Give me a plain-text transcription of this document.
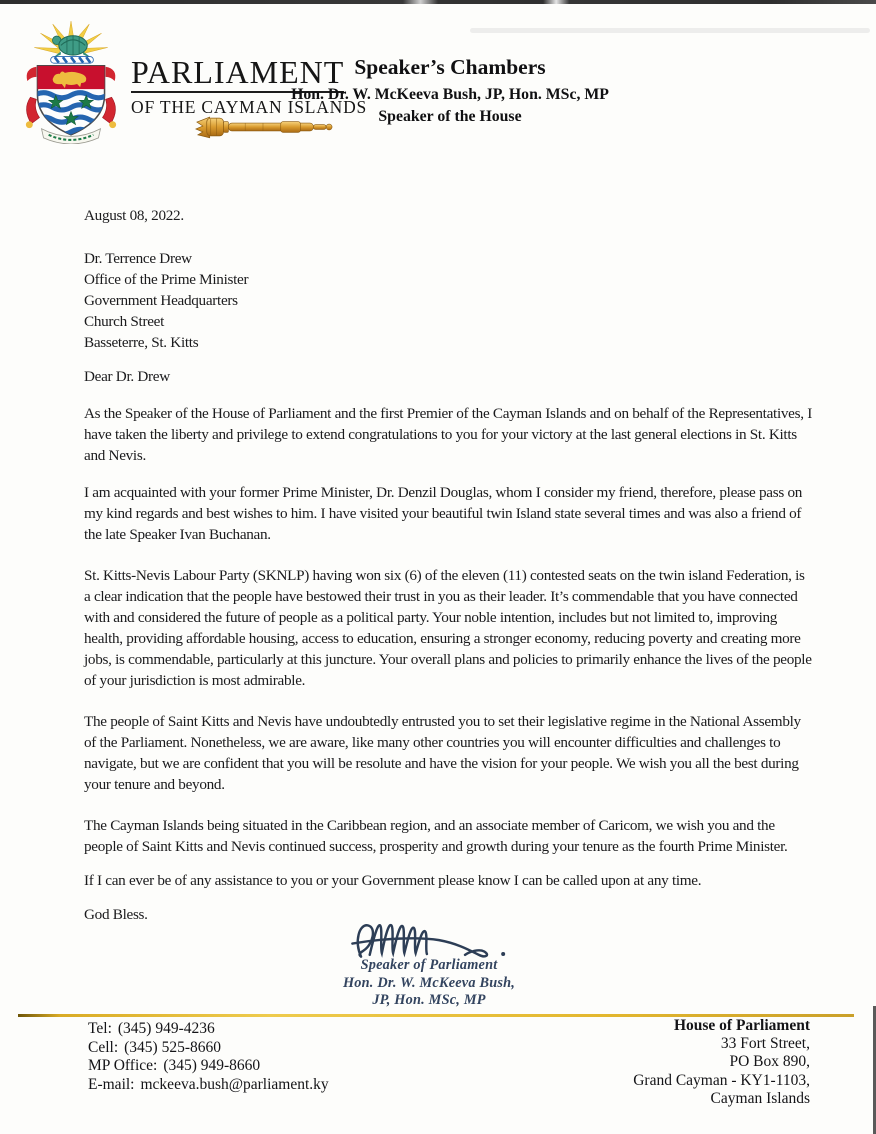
PARLIAMENT
OF THE CAYMAN ISLANDS
Speaker’s Chambers
Hon. Dr. W. McKeeva Bush, JP, Hon. MSc, MP
Speaker of the House
August 08, 2022.
Dr. Terrence Drew
Office of the Prime Minister
Government Headquarters
Church Street
Basseterre, St. Kitts
Dear Dr. Drew

As the Speaker of the House of Parliament and the first Premier of the Cayman Islands and on behalf of the Representatives, I have taken the liberty and privilege to extend congratulations to you for your victory at the last general elections in St. Kitts and Nevis.

I am acquainted with your former Prime Minister, Dr. Denzil Douglas, whom I consider my friend, therefore, please pass on my kind regards and best wishes to him. I have visited your beautiful twin Island state several times and was also a friend of the late Speaker Ivan Buchanan.

St. Kitts-Nevis Labour Party (SKNLP) having won six (6) of the eleven (11) contested seats on the twin island Federation, is a clear indication that the people have bestowed their trust in you as their leader. It’s commendable that you have connected with and considered the future of people as a political party. Your noble intention, includes but not limited to, improving health, providing affordable housing, access to education, ensuring a stronger economy, reducing poverty and creating more jobs, is commendable, particularly at this juncture. Your overall plans and policies to primarily enhance the lives of the people of your jurisdiction is most admirable.

The people of Saint Kitts and Nevis have undoubtedly entrusted you to set their legislative regime in the National Assembly of the Parliament. Nonetheless, we are aware, like many other countries you will encounter difficulties and challenges to navigate, but we are confident that you will be resolute and have the vision for your people. We wish you all the best during your tenure and beyond.

The Cayman Islands being situated in the Caribbean region, and an associate member of Caricom, we wish you and the people of Saint Kitts and Nevis continued success, prosperity and growth during your tenure as the fourth Prime Minister.

If I can ever be of any assistance to you or your Government please know I can be called upon at any time.

God Bless.
Speaker of Parliament
Hon. Dr. W. McKeeva Bush,
JP, Hon. MSc, MP
Tel: (345) 949-4236
Cell: (345) 525-8660
MP Office: (345) 949-8660
E-mail: mckeeva.bush@parliament.ky
House of Parliament
33 Fort Street,
PO Box 890,
Grand Cayman - KY1-1103,
Cayman Islands
